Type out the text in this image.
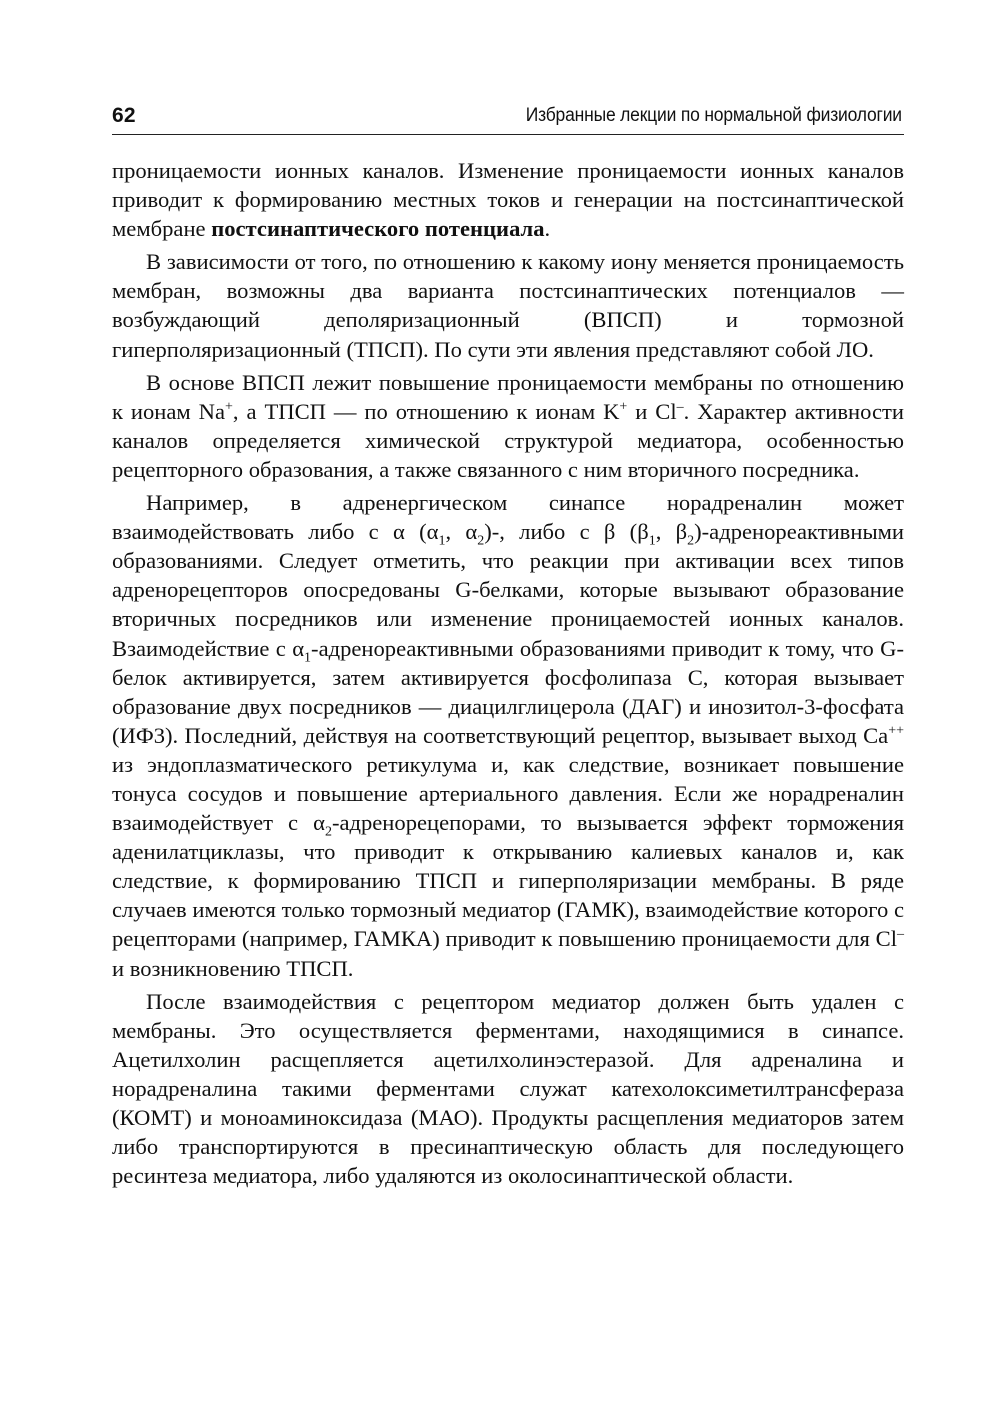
62	Избранные лекции по нормальной физиологии

проницаемости ионных каналов. Изменение проницаемости ионных каналов приводит к формированию местных токов и генерации на постсинаптической мембране постсинаптического потенциала.

В зависимости от того, по отношению к какому иону меняется проницаемость мембран, возможны два варианта постсинаптических потенциалов — возбуждающий деполяризационный (ВПСП) и тормозной гиперполяризационный (ТПСП). По сути эти явления представляют собой ЛО.

В основе ВПСП лежит повышение проницаемости мембраны по отношению к ионам Na+, а ТПСП — по отношению к ионам K+ и Cl–. Характер активности каналов определяется химической структурой медиатора, особенностью рецепторного образования, а также связанного с ним вторичного посредника.

Например, в адренергическом синапсе норадреналин может взаимодействовать либо с α ($\alpha_1$, $\alpha_2)-$, либо с β ($\beta_1$, $\beta_2$)-адренореактивными образованиями. Следует отметить, что реакции при активации всех типов адренорецепторов опосредованы G-белками, которые вызывают образование вторичных посредников или изменение проницаемостей ионных каналов. Взаимодействие с $\alpha_1$-адренореактивными образованиями приводит к тому, что G-белок активируется, затем активируется фосфолипаза С, которая вызывает образование двух посредников — диацилглицерола (ДАГ) и инозитол-3-фосфата (ИФ3). Последний, действуя на соответствующий рецептор, вызывает выход Са++ из эндоплазматического ретикулума и, как следствие, возникает повышение тонуса сосудов и повышение артериального давления. Если же норадреналин взаимодействует с $\alpha_2$-адренорецепорами, то вызывается эффект торможения аденилатциклазы, что приводит к открыванию калиевых каналов и, как следствие, к формированию ТПСП и гиперполяризации мембраны. В ряде случаев имеются только тормозный медиатор (ГАМК), взаимодействие которого с рецепторами (например, ГАМКА) приводит к повышению проницаемости для Cl– и возникновению ТПСП.

После взаимодействия с рецептором медиатор должен быть удален с мембраны. Это осуществляется ферментами, находящимися в синапсе. Ацетилхолин расщепляется ацетилхолинэстеразой. Для адреналина и норадреналина такими ферментами служат катехолоксиметилтрансфераза (КОМТ) и моноаминоксидаза (МАО). Продукты расщепления медиаторов затем либо транспортируются в пресинаптическую область для последующего ресинтеза медиатора, либо удаляются из околосинаптической области.
